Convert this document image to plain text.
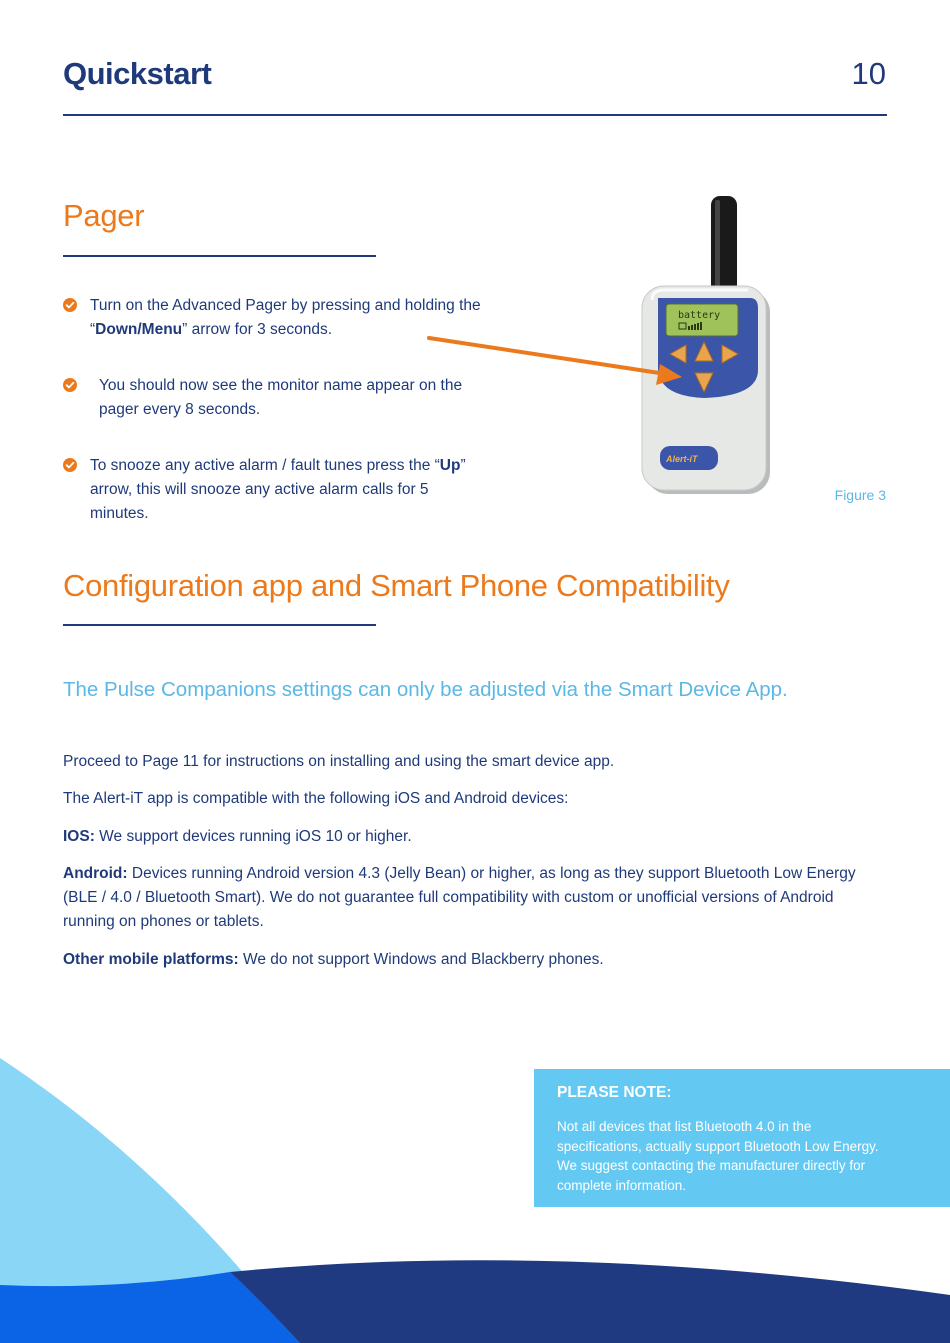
Quickstart	10
Pager
Turn on the Advanced Pager by pressing and holding the “Down/Menu” arrow for 3 seconds.
You should now see the monitor name appear on the pager every 8 seconds.
To snooze any active alarm / fault tunes press the “Up” arrow, this will snooze any active alarm calls for 5 minutes.
battery
Alert-iT
Figure 3
Configuration app and Smart Phone Compatibility
The Pulse Companions settings can only be adjusted via the Smart Device App.
Proceed to Page 11 for instructions on installing and using the smart device app.
The Alert-iT app is compatible with the following iOS and Android devices:
IOS: We support devices running iOS 10 or higher.
Android: Devices running Android version 4.3 (Jelly Bean) or higher, as long as they support Bluetooth Low Energy (BLE / 4.0 / Bluetooth Smart). We do not guarantee full compatibility with custom or unofficial versions of Android running on phones or tablets.
Other mobile platforms: We do not support Windows and Blackberry phones.
PLEASE NOTE:
Not all devices that list Bluetooth 4.0 in the specifications, actually support Bluetooth Low Energy. We suggest contacting the manufacturer directly for complete information.
